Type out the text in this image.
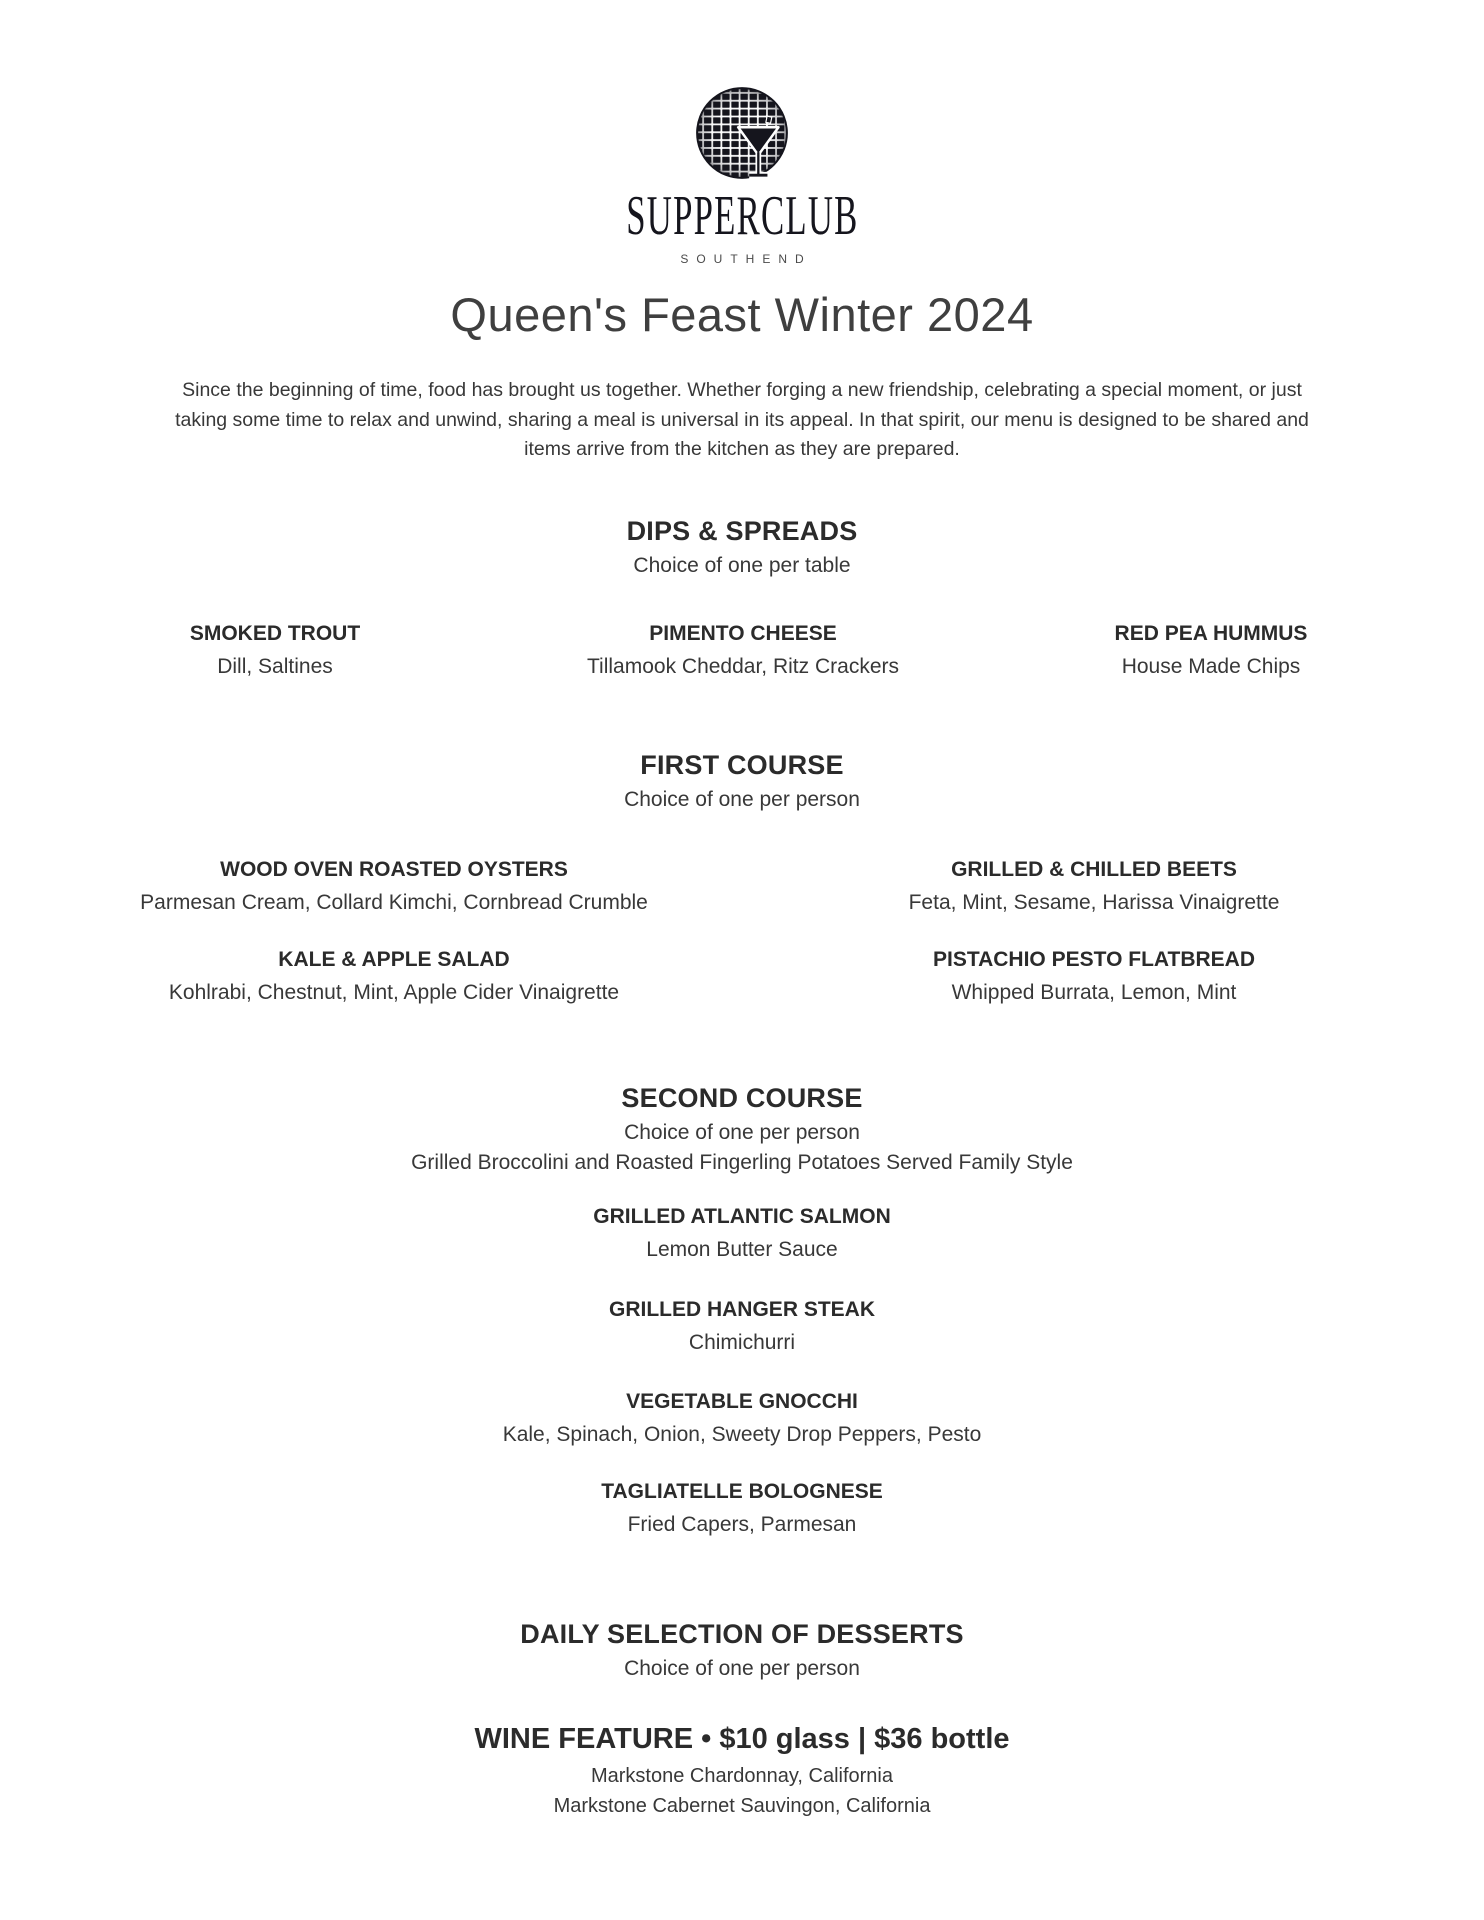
SUPPERCLUB
SOUTHEND
Queen's Feast Winter 2024
Since the beginning of time, food has brought us together. Whether forging a new friendship, celebrating a special moment, or just
taking some time to relax and unwind, sharing a meal is universal in its appeal. In that spirit, our menu is designed to be shared and
items arrive from the kitchen as they are prepared.
DIPS & SPREADS
Choice of one per table
SMOKED TROUT
Dill, Saltines
PIMENTO CHEESE
Tillamook Cheddar, Ritz Crackers
RED PEA HUMMUS
House Made Chips
FIRST COURSE
Choice of one per person
WOOD OVEN ROASTED OYSTERS
Parmesan Cream, Collard Kimchi, Cornbread Crumble
GRILLED & CHILLED BEETS
Feta, Mint, Sesame, Harissa Vinaigrette
KALE & APPLE SALAD
Kohlrabi, Chestnut, Mint, Apple Cider Vinaigrette
PISTACHIO PESTO FLATBREAD
Whipped Burrata, Lemon, Mint
SECOND COURSE
Choice of one per person
Grilled Broccolini and Roasted Fingerling Potatoes Served Family Style
GRILLED ATLANTIC SALMON
Lemon Butter Sauce
GRILLED HANGER STEAK
Chimichurri
VEGETABLE GNOCCHI
Kale, Spinach, Onion, Sweety Drop Peppers, Pesto
TAGLIATELLE BOLOGNESE
Fried Capers, Parmesan
DAILY SELECTION OF DESSERTS
Choice of one per person
WINE FEATURE • $10 glass | $36 bottle
Markstone Chardonnay, California
Markstone Cabernet Sauvingon, California
